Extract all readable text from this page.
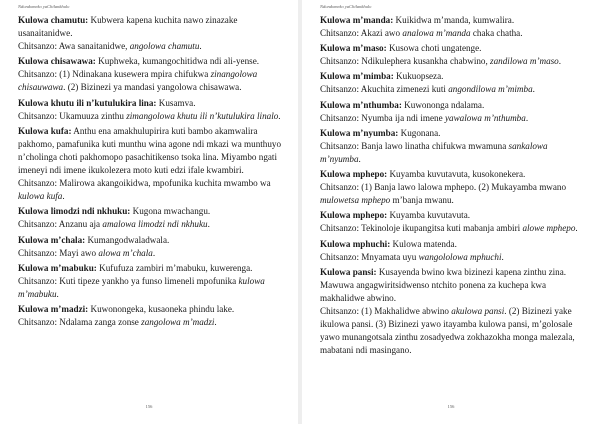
Ndondomeko yaChilankhulo

Kulowa chamutu: Kubwera kapena kuchita nawo zinazake usanaitanidwe.

Chitsanzo: Awa sanaitanidwe, angolowa chamutu.

Kulowa chisawawa: Kuphweka, kumangochitidwa ndi ali-yense.

Chitsanzo: (1) Ndinakana kusewera mpira chifukwa zinangolowa chisauwawa. (2) Bizinezi ya mandasi yangolowa chisawawa.

Kulowa khutu ili n’kutulukira lina: Kusamva.

Chitsanzo: Ukamuuza zinthu zimangolowa khutu ili n’kutulukira linalo.

Kulowa kufa: Anthu ena amakhulupirira kuti bambo akamwalira pakhomo, pamafunika kuti munthu wina agone ndi mkazi wa munthuyo n’cholinga choti pakhomopo pasachitikenso tsoka lina. Miyambo ngati imeneyi ndi imene ikukolezera moto kuti edzi ifale kwambiri.

Chitsanzo: Malirowa akangoikidwa, mpofunika kuchita mwambo wa kulowa kufa.

Kulowa limodzi ndi nkhuku: Kugona mwachangu.

Chitsanzo: Anzanu aja amalowa limodzi ndi nkhuku.

Kulowa m’chala: Kumangodwaladwala.

Chitsanzo: Mayi awo alowa m’chala.

Kulowa m’mabuku: Kufufuza zambiri m’mabuku, kuwerenga.

Chitsanzo: Kuti tipeze yankho ya funso limeneli mpofunika kulowa m’mabuku.

Kulowa m’madzi: Kuwonongeka, kusaoneka phindu lake.

Chitsanzo: Ndalama zanga zonse zangolowa m’madzi.

156
Ndondomeko yaChilankhulo

Kulowa m’manda: Kuikidwa m’manda, kumwalira.

Chitsanzo: Akazi awo analowa m’manda chaka chatha.

Kulowa m’maso: Kusowa choti ungatenge.

Chitsanzo: Ndikulephera kusankha chabwino, zandilowa m’maso.

Kulowa m’mimba: Kukuopseza.

Chitsanzo: Akuchita zimenezi kuti angondilowa m’mimba.

Kulowa m’nthumba: Kuwononga ndalama.

Chitsanzo: Nyumba ija ndi imene yawalowa m’nthumba.

Kulowa m’nyumba: Kugonana.

Chitsanzo: Banja lawo linatha chifukwa mwamuna sankalowa m’nyumba.

Kulowa mphepo: Kuyamba kuvutavuta, kusokonekera.

Chitsanzo: (1) Banja lawo lalowa mphepo. (2) Mukayamba mwano mulowetsa mphepo m’banja mwanu.

Kulowa mphepo: Kuyamba kuvutavuta.

Chitsanzo: Tekinoloje ikupangitsa kuti mabanja ambiri alowe mphepo.

Kulowa mphuchi: Kulowa matenda.

Chitsanzo: Mnyamata uyu wangololowa mphuchi.

Kulowa pansi: Kusayenda bwino kwa bizinezi kapena zinthu zina. Mawuwa angagwiritsidwenso ntchito ponena za kuchepa kwa makhalidwe abwino.

Chitsanzo: (1) Makhalidwe abwino akulowa pansi. (2) Bizinezi yake ikulowa pansi. (3) Bizinezi yawo itayamba kulowa pansi, m’golosale yawo munangotsala zinthu zosadyedwa zokhazokha monga malezala, mabatani ndi masingano.

156
